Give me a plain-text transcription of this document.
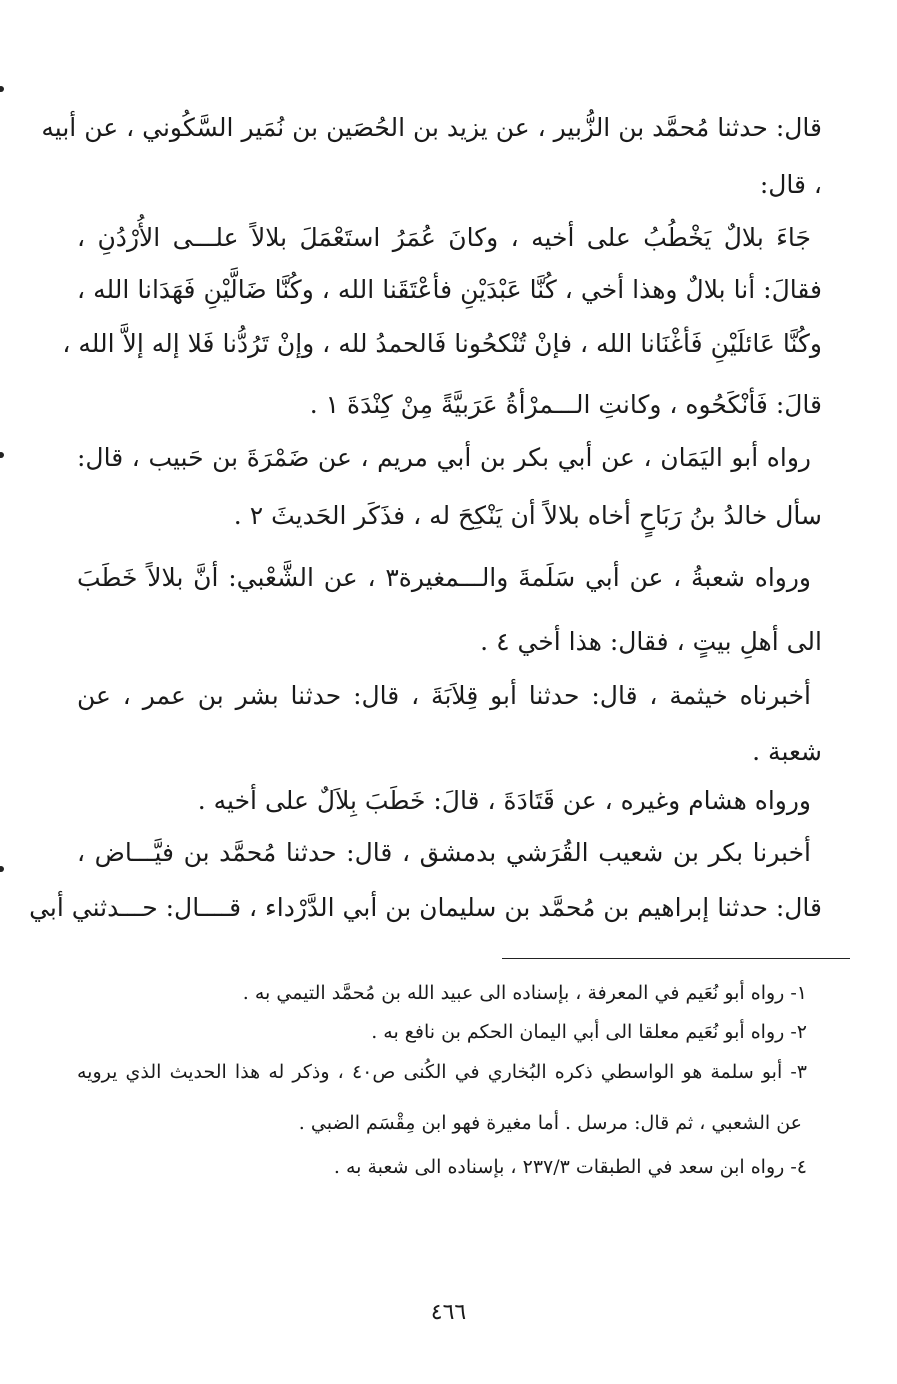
قال: حدثنا مُحمَّد بن الزُّبير ، عن يزيد بن الحُصَين بن نُمَير السَّكُوني ، عن أبيه
، قال:
جَاءَ بلالٌ يَخْطُبُ على أخيه ، وكانَ عُمَرُ استَعْمَلَ بلالاً علـــى الأُرْدُنِ ،
فقالَ: أنا بلالٌ وهذا أخي ، كُنَّا عَبْدَيْنِ فأعْتَقَنا الله ، وكُنَّا ضَالَّيْنِ فَهَدَانا الله ،
وكُنَّا عَائلَيْنِ فَأغْنَانا الله ، فإنْ تُنْكحُونا فَالحمدُ لله ، وإنْ تَرُدُّنا فَلا إله إلاَّ الله ،
قالَ: فَأنْكَحُوه ، وكانتِ الـــمرْأةُ عَرَبيَّةً مِنْ كِنْدَةَ ١ .
رواه أبو اليَمَان ، عن أبي بكر بن أبي مريم ، عن ضَمْرَةَ بن حَبيب ، قال:
سأل خالدُ بنُ رَبَاحٍ أخاه بلالاً أن يَنْكِحَ له ، فذَكَر الحَديثَ ٢ .
ورواه شعبةُ ، عن أبي سَلَمةَ والـــمغيرة٣ ، عن الشَّعْبي: أنَّ بلالاً خَطَبَ
الى أهلِ بيتٍ ، فقال: هذا أخي ٤ .
أخبرناه خيثمة ، قال: حدثنا أبو قِلاَبَةَ ، قال: حدثنا بشر بن عمر ، عن
شعبة .
ورواه هشام وغيره ، عن قَتَادَةَ ، قالَ: خَطَبَ بِلاَلٌ على أخيه .
أخبرنا بكر بن شعيب القُرَشي بدمشق ، قال: حدثنا مُحمَّد بن فيَّـــاض ،
قال: حدثنا إبراهيم بن مُحمَّد بن سليمان بن أبي الدَّرْداء ، قــــال: حـــدثني أبي
١- رواه أبو نُعَيم في المعرفة ، بإسناده الى عبيد الله بن مُحمَّد التيمي به .
٢- رواه أبو نُعَيم معلقا الى أبي اليمان الحكم بن نافع به .
٣- أبو سلمة هو الواسطي ذكره البُخاري في الكُنى ص٤٠ ، وذكر له هذا الحديث الذي يرويه
عن الشعبي ، ثم قال: مرسل . أما مغيرة فهو ابن مِقْسَم الضبي .
٤- رواه ابن سعد في الطبقات ٢٣٧/٣ ، بإسناده الى شعبة به .
٤٦٦
